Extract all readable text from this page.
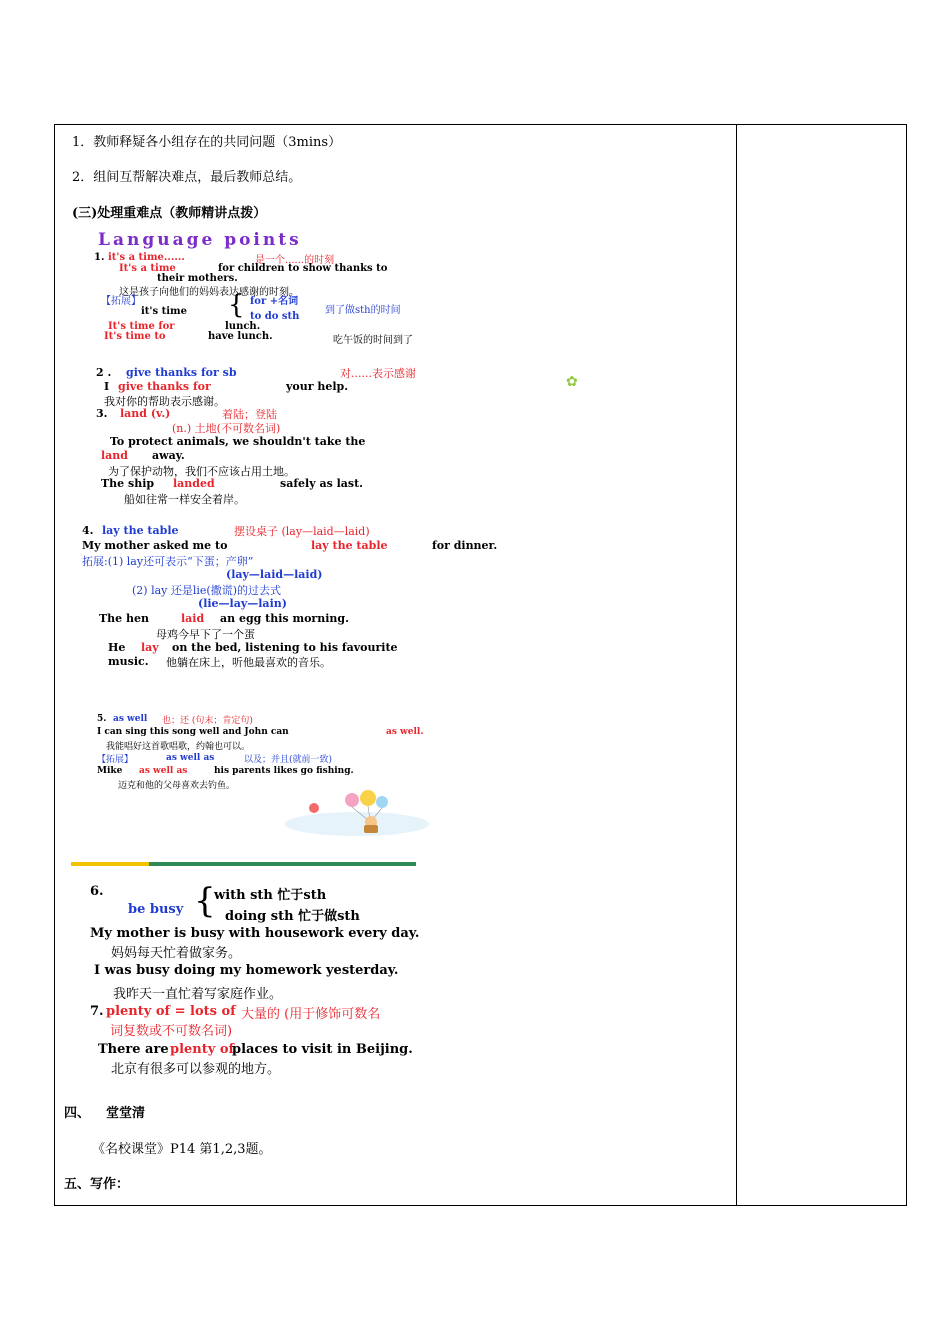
1．教师释疑各小组存在的共同问题（3mins）
2．组间互帮解决难点，最后教师总结。
(三)处理重难点（教师精讲点拨）
Language points
1. it's a time......	是一个......的时刻
It's a time	for children to show thanks to
their mothers.
这是孩子向他们的妈妈表达感谢的时刻。
【拓展】	for +名词
it's time {	到了做sth的时间
to do sth
It's time for	lunch.
It's time to	have lunch.	吃午饭的时间到了
2 . give thanks for sb	对......表示感谢
I give thanks for	your help.
我对你的帮助表示感谢。
✿
3. land (v.)	着陆；登陆
(n.) 土地(不可数名词)
To protect animals, we shouldn't take the
land away.
为了保护动物，我们不应该占用土地。
The ship landed	safely as last.
船如往常一样安全着岸。
4. lay the table	摆设桌子 (lay—laid—laid)
My mother asked me to	lay the table	for dinner.
拓展:(1) lay还可表示“下蛋；产卵”
(lay—laid—laid)
(2) lay 还是lie(撒谎)的过去式
(lie—lay—lain)
The hen	laid an egg this morning.
母鸡今早下了一个蛋
He lay on the bed, listening to his favourite
music. 他躺在床上，听他最喜欢的音乐。
5. as well 也；还 (句末；肯定句)
I can sing this song well and John can	as well.
我能唱好这首歌唱歌，约翰也可以。
【拓展】	as well as	以及；并且(就前一致)
Mike as well as	his parents likes go fishing.
迈克和他的父母喜欢去钓鱼。
6.
be busy {
with sth 忙于sth
doing sth 忙于做sth
My mother is busy with housework every day.
妈妈每天忙着做家务。
I was busy doing my homework yesterday.
我昨天一直忙着写家庭作业。
7. plenty of = lots of 大量的 (用于修饰可数名
词复数或不可数名词)
There are plenty of
places to visit in Beijing.
北京有很多可以参观的地方。
四、 堂堂清
《名校课堂》P14 第1,2,3题。
五、写作：
